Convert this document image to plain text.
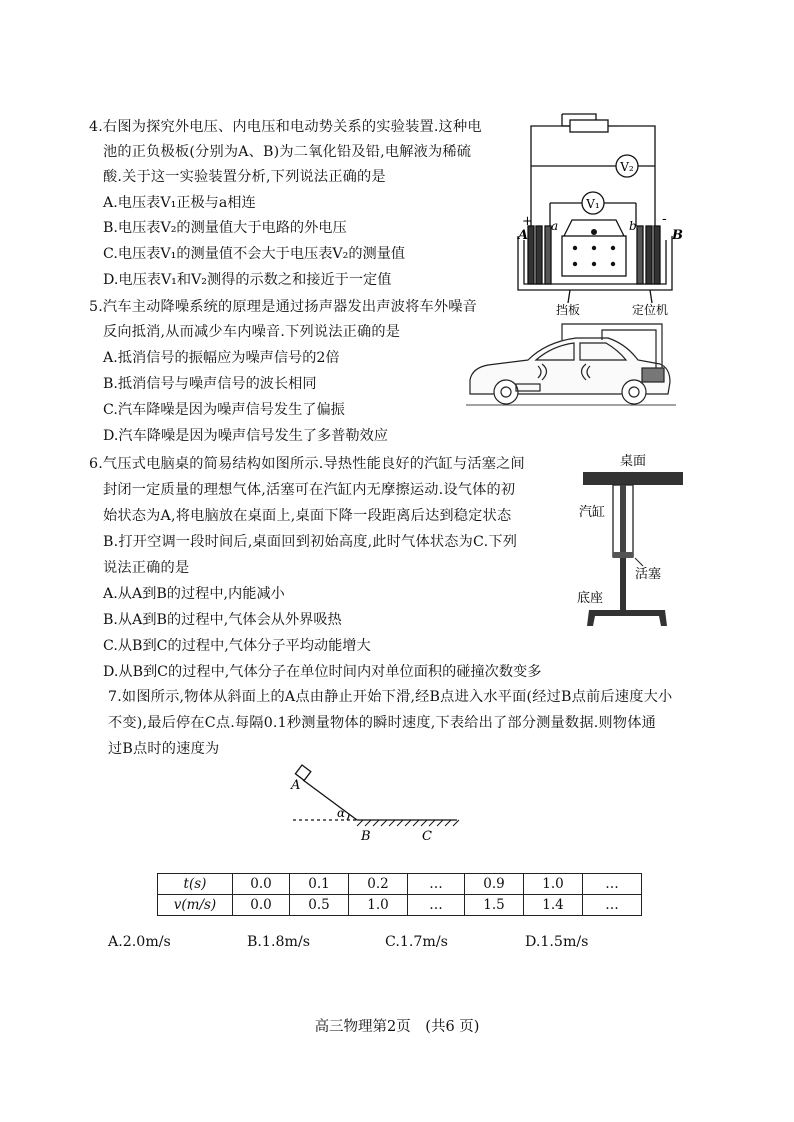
4.右图为探究外电压、内电压和电动势关系的实验装置.这种电
池的正负极板(分别为A、B)为二氧化铅及铅,电解液为稀硫
酸.关于这一实验装置分析,下列说法正确的是
A.电压表V₁正极与a相连
B.电压表V₂的测量值大于电路的外电压
C.电压表V₁的测量值不会大于电压表V₂的测量值
D.电压表V₁和V₂测得的示数之和接近于一定值
V₂
V₁
+	-
A
a	b
B
挡板	定位机
5.汽车主动降噪系统的原理是通过扬声器发出声波将车外噪音
反向抵消,从而减少车内噪音.下列说法正确的是
A.抵消信号的振幅应为噪声信号的2倍
B.抵消信号与噪声信号的波长相同
C.汽车降噪是因为噪声信号发生了偏振
D.汽车降噪是因为噪声信号发生了多普勒效应
6.气压式电脑桌的简易结构如图所示.导热性能良好的汽缸与活塞之间
封闭一定质量的理想气体,活塞可在汽缸内无摩擦运动.设气体的初
始状态为A,将电脑放在桌面上,桌面下降一段距离后达到稳定状态
B.打开空调一段时间后,桌面回到初始高度,此时气体状态为C.下列
说法正确的是
A.从A到B的过程中,内能减小
B.从A到B的过程中,气体会从外界吸热
C.从B到C的过程中,气体分子平均动能增大
D.从B到C的过程中,气体分子在单位时间内对单位面积的碰撞次数变多
桌面
汽缸
活塞
底座
7.如图所示,物体从斜面上的A点由静止开始下滑,经B点进入水平面(经过B点前后速度大小
不变),最后停在C点.每隔0.1秒测量物体的瞬时速度,下表给出了部分测量数据.则物体通
过B点时的速度为
A
α
B	C
t(s)	0.0	0.1	0.2	…	0.9	1.0	…
v(m/s)	0.0	0.5	1.0	…	1.5	1.4	…
A.2.0m/s	B.1.8m/s	C.1.7m/s	D.1.5m/s
高三物理第2页　(共6 页)
